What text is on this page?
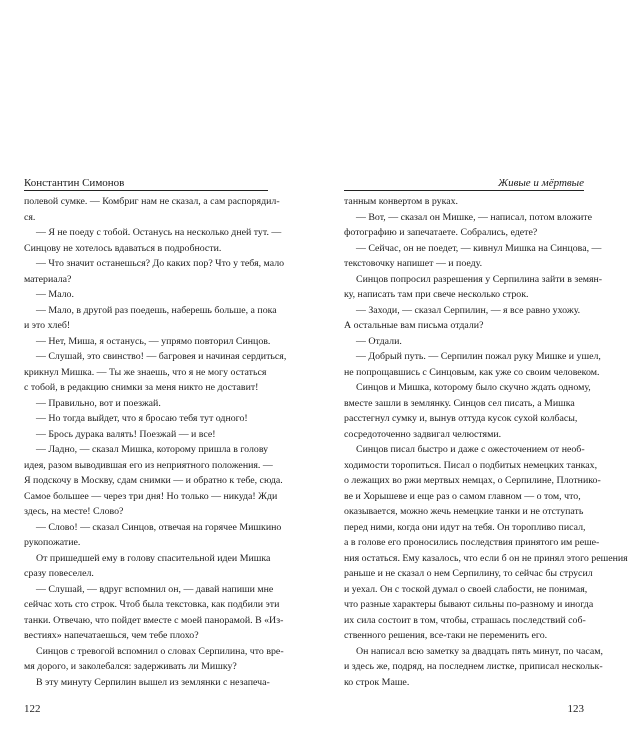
Константин Симонов
полевой сумке. — Комбриг нам не сказал, а сам распорядил-
ся.
— Я не поеду с тобой. Останусь на несколько дней тут. —
Синцову не хотелось вдаваться в подробности.
— Что значит останешься? До каких пор? Что у тебя, мало
материала?
— Мало.
— Мало, в другой раз поедешь, наберешь больше, а пока
и это хлеб!
— Нет, Миша, я останусь, — упрямо повторил Синцов.
— Слушай, это свинство! — багровея и начиная сердиться,
крикнул Мишка. — Ты же знаешь, что я не могу остаться
с тобой, в редакцию снимки за меня никто не доставит!
— Правильно, вот и поезжай.
— Но тогда выйдет, что я бросаю тебя тут одного!
— Брось дурака валять! Поезжай — и все!
— Ладно, — сказал Мишка, которому пришла в голову
идея, разом выводившая его из неприятного положения. —
Я подскочу в Москву, сдам снимки — и обратно к тебе, сюда.
Самое большее — через три дня! Но только — никуда! Жди
здесь, на месте! Слово?
— Слово! — сказал Синцов, отвечая на горячее Мишкино
рукопожатие.
От пришедшей ему в голову спасительной идеи Мишка
сразу повеселел.
— Слушай, — вдруг вспомнил он, — давай напиши мне
сейчас хоть сто строк. Чтоб была текстовка, как подбили эти
танки. Отвечаю, что пойдет вместе с моей панорамой. В «Из-
вестиях» напечатаешься, чем тебе плохо?
Синцов с тревогой вспомнил о словах Серпилина, что вре-
мя дорого, и заколебался: задерживать ли Мишку?
В эту минуту Серпилин вышел из землянки с незапеча-
122
Живые и мёртвые
танным конвертом в руках.
— Вот, — сказал он Мишке, — написал, потом вложите
фотографию и запечатаете. Собрались, едете?
— Сейчас, он не поедет, — кивнул Мишка на Синцова, —
текстовочку напишет — и поеду.
Синцов попросил разрешения у Серпилина зайти в земян-
ку, написать там при свече несколько строк.
— Заходи, — сказал Серпилин, — я все равно ухожу.
А остальные вам письма отдали?
— Отдали.
— Добрый путь. — Серпилин пожал руку Мишке и ушел,
не попрощавшись с Синцовым, как уже со своим человеком.
Синцов и Мишка, которому было скучно ждать одному,
вместе зашли в землянку. Синцов сел писать, а Мишка
расстегнул сумку и, вынув оттуда кусок сухой колбасы,
сосредоточенно задвигал челюстями.
Синцов писал быстро и даже с ожесточением от необ-
ходимости торопиться. Писал о подбитых немецких танках,
о лежащих во ржи мертвых немцах, о Серпилине, Плотнико-
ве и Хорышеве и еще раз о самом главном — о том, что,
оказывается, можно жечь немецкие танки и не отступать
перед ними, когда они идут на тебя. Он торопливо писал,
а в голове его проносились последствия принятого им реше-
ния остаться. Ему казалось, что если б он не принял этого решения
раньше и не сказал о нем Серпилину, то сейчас бы струсил
и уехал. Он с тоской думал о своей слабости, не понимая,
что разные характеры бывают сильны по-разному и иногда
их сила состоит в том, чтобы, страшась последствий соб-
ственного решения, все-таки не переменить его.
Он написал всю заметку за двадцать пять минут, по часам,
и здесь же, подряд, на последнем листке, приписал нескольк-
ко строк Маше.
123
